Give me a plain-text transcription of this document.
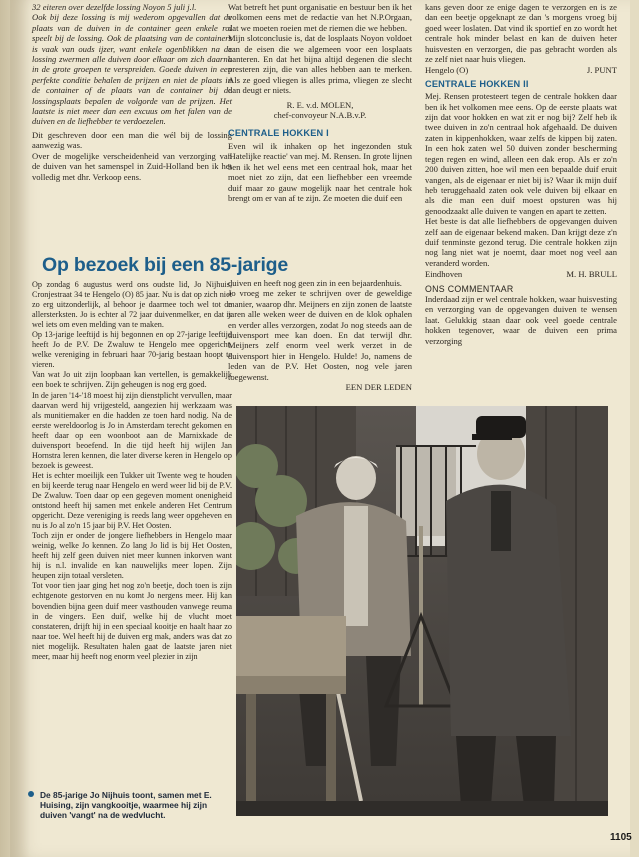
32 eiteren over dezelfde lossing Noyon 5 juli j.l.

Ook bij deze lossing is mij wederom opgevallen dat de plaats van de duiven in de container geen enkele rol speelt bij de lossing. Ook de plaatsing van de containers is vaak van ouds ijzer, want enkele ogenblikken na de lossing zwermen alle duiven door elkaar om zich daarna in de grote groepen te verspreiden. Goede duiven in een perfekte conditie behalen de prijzen en niet de plaats in de container of de plaats van de container bij de lossingsplaats bepalen de volgorde van de prijzen. Het laatste is niet meer dan een excuus om het falen van de duiven en de liefhebber te verdoezelen.

Dit geschreven door een man die wél bij de lossing aanwezig was.

Over de mogelijke verscheidenheid van verzorging van de duiven van het samenspel in Zuid-Holland ben ik het volledig met dhr. Verkoop eens.

Wat betreft het punt organisatie en bestuur ben ik het volkomen eens met de redactie van het N.P.Orgaan, dat we moeten roeien met de riemen die we hebben.

Mijn slotconclusie is, dat de losplaats Noyon voldoet aan de eisen die we algemeen voor een losplaats hanteren. En dat het bijna altijd degenen die slecht presteren zijn, die van alles hebben aan te merken. Als ze goed vliegen is alles prima, vliegen ze slecht dan deugt er niets.

R. E. v.d. MOLEN,
chef-convoyeur N.A.B.v.P.
CENTRALE HOKKEN I

Even wil ik inhaken op het ingezonden stuk 'Hatelijke reactie' van mej. M. Rensen. In grote lijnen ben ik het wel eens met een centraal hok, maar het moet niet zo zijn, dat een liefhebber een vreemde duif maar zo gauw mogelijk naar het centrale hok brengt om er van af te zijn. Ze moeten die duif een

kans geven door ze enige dagen te verzorgen en is ze dan een beetje opgeknapt ze dan 's morgens vroeg bij goed weer loslaten. Dat vind ik sportief en zo wordt het centrale hok minder belast en kan de duiven heter huisvesten en verzorgen, die pas gebracht worden als ze zelf niet naar huis vliegen.

Hengelo (O)	J. PUNT
CENTRALE HOKKEN II

Mej. Rensen protesteert tegen de centrale hokken daar ben ik het volkomen mee eens. Op de eerste plaats wat zijn dat voor hokken en wat zit er nog bij? Zelf heb ik twee duiven in zo'n centraal hok afgehaald. De duiven zaten in kippenhokken, waar zelfs de kippen bij zaten. In een hok zaten wel 50 duiven zonder bescherming tegen regen en wind, alleen een dak erop. Als er zo'n 200 duiven zitten, hoe wil men een bepaalde duif eruit vangen, als de eigenaar er niet bij is? Waar ik mijn duif heb teruggehaald zaten ook vele duiven bij elkaar en als die man een duif moest opsturen was hij genoodzaakt alle duiven te vangen en apart te zetten.

Het beste is dat alle liefhebbers de opgevangen duiven zelf aan de eigenaar bekend maken. Dan krijgt deze z'n duif tenminste gezond terug. Die centrale hokken zijn nog lang niet wat je noemt, daar moet nog veel aan veranderd worden.

Eindhoven	M. H. BRULL
ONS COMMENTAAR

Inderdaad zijn er wel centrale hokken, waar huisvesting en verzorging van de opgevangen duiven te wensen laat. Gelukkig staan daar ook veel goede centrale hokken tegenover, waar de duiven een prima verzorging

Op bezoek bij een 85-jarige

Op zondag 6 augustus werd ons oudste lid, Jo Nijhuis, Cronjestraat 34 te Hengelo (O) 85 jaar. Nu is dat op zich niet zo erg uitzonderlijk, al behoor je daarmee toch wel tot de allersterksten. Jo is echter al 72 jaar duivenmelker, en dat is wel iets om even melding van te maken.

Op 13-jarige leeftijd is hij begonnen en op 27-jarige leeftijd heeft Jo de P.V. De Zwaluw te Hengelo mee opgericht, welke vereniging in februari haar 70-jarig bestaan hoopt te vieren.

Van wat Jo uit zijn loopbaan kan vertellen, is gemakkelijk een boek te schrijven. Zijn geheugen is nog erg goed.

In de jaren '14-'18 moest hij zijn dienstplicht vervullen, maar daarvan werd hij vrijgesteld, aangezien hij werkzaam was als munitiemaker en die hadden ze toen hard nodig. Na de eerste wereldoorlog is Jo in Amsterdam terecht gekomen en heeft daar op een woonboot aan de Marnixkade de duivensport beoefend. In die tijd heeft hij wijlen Jan Hornstra leren kennen, die later diverse keren in Hengelo op bezoek is geweest.

Het is echter moeilijk een Tukker uit Twente weg te houden en bij keerde terug naar Hengelo en werd weer lid bij de P.V. De Zwaluw. Toen daar op een gegeven moment onenigheid ontstond heeft hij samen met enkele anderen Het Centrum opgericht. Deze vereniging is reeds lang weer opgeheven en nu is Jo al zo'n 15 jaar bij P.V. Het Oosten.

Toch zijn er onder de jongere liefhebbers in Hengelo maar weinig, welke Jo kennen. Zo lang Jo lid is bij Het Oosten, heeft hij zelf geen duiven niet meer kunnen inkorven want hij is n.l. invalide en kan nauwelijks meer lopen. Zijn heupen zijn totaal versleten.

Tot voor tien jaar ging het nog zo'n beetje, doch toen is zijn echtgenote gestorven en nu komt Jo nergens meer. Hij kan bovendien bijna geen duif meer vasthouden vanwege reuma in de vingers. Een duif, welke hij de vlucht moet constateren, drijft hij in een speciaal kooitje en haalt haar zo naar toe. Wel heeft hij de duiven erg mak, anders was dat zo niet mogelijk. Resultaten halen gaat de laatste jaren niet meer, maar hij heeft nog enorm veel plezier in zijn

duiven en heeft nog geen zin in een bejaardenhuis.

Jo vroeg me zeker te schrijven over de geweldige manier, waarop dhr. Meijners en zijn zonen de laatste jaren alle weken weer de duiven en de klok ophalen en verder alles verzorgen, zodat Jo nog steeds aan de duivensport mee kan doen. En dat terwijl dhr. Meijners zelf enorm veel werk verzet in de duivensport hier in Hengelo. Hulde! Jo, namens de leden van de P.V. Het Oosten, nog vele jaren toegewenst.

EEN DER LEDEN
De 85-jarige Jo Nijhuis toont, samen met E. Huising, zijn vangkooitje, waarmee hij zijn duiven 'vangt' na de wedvlucht.
1105
